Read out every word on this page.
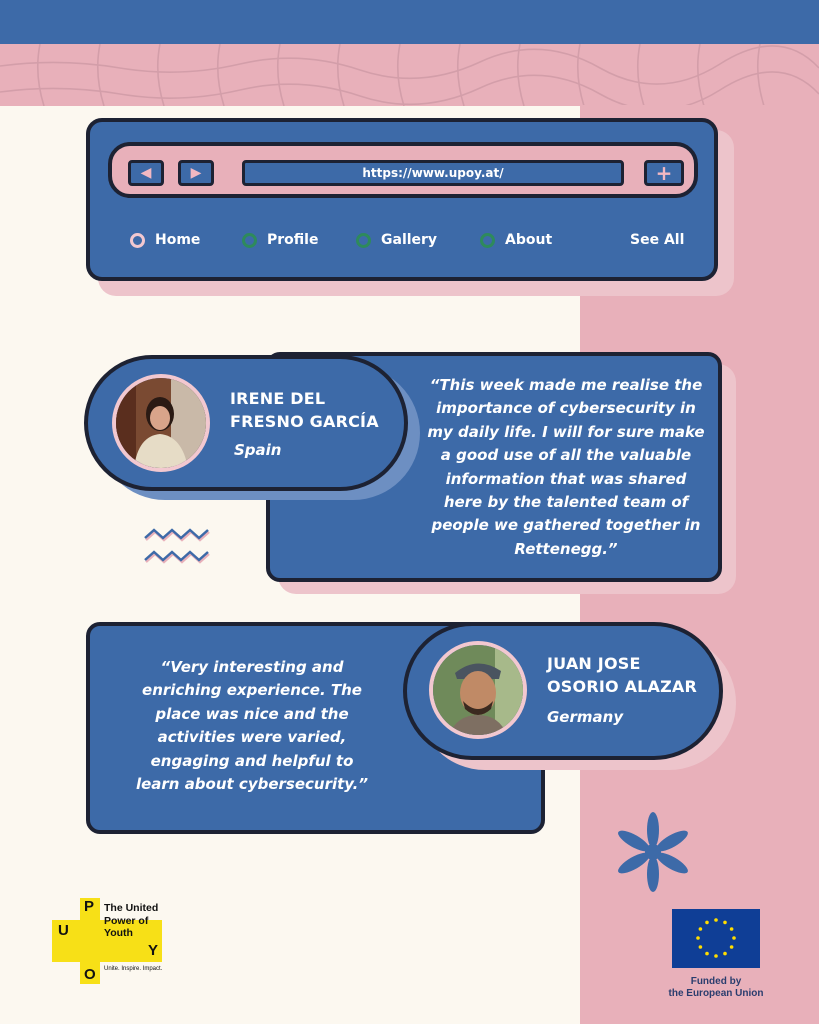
◀	▶	https://www.upoy.at/	+
Home	Profile	Gallery	About	See All
“This week made me realise the
importance of cybersecurity in
my daily life. I will for sure make
a good use of all the valuable
information that was shared
here by the talented team of
people we gathered together in
Rettenegg.”
IRENE DEL
FRESNO GARCÍA
Spain
“Very interesting and
enriching experience. The
place was nice and the
activities were varied,
engaging and helpful to
learn about cybersecurity.”
JUAN JOSE
OSORIO ALAZAR
Germany
P
U
O
Y
The United
Power of
Youth
Unite. Inspire. Impact.
Funded by
the European Union
